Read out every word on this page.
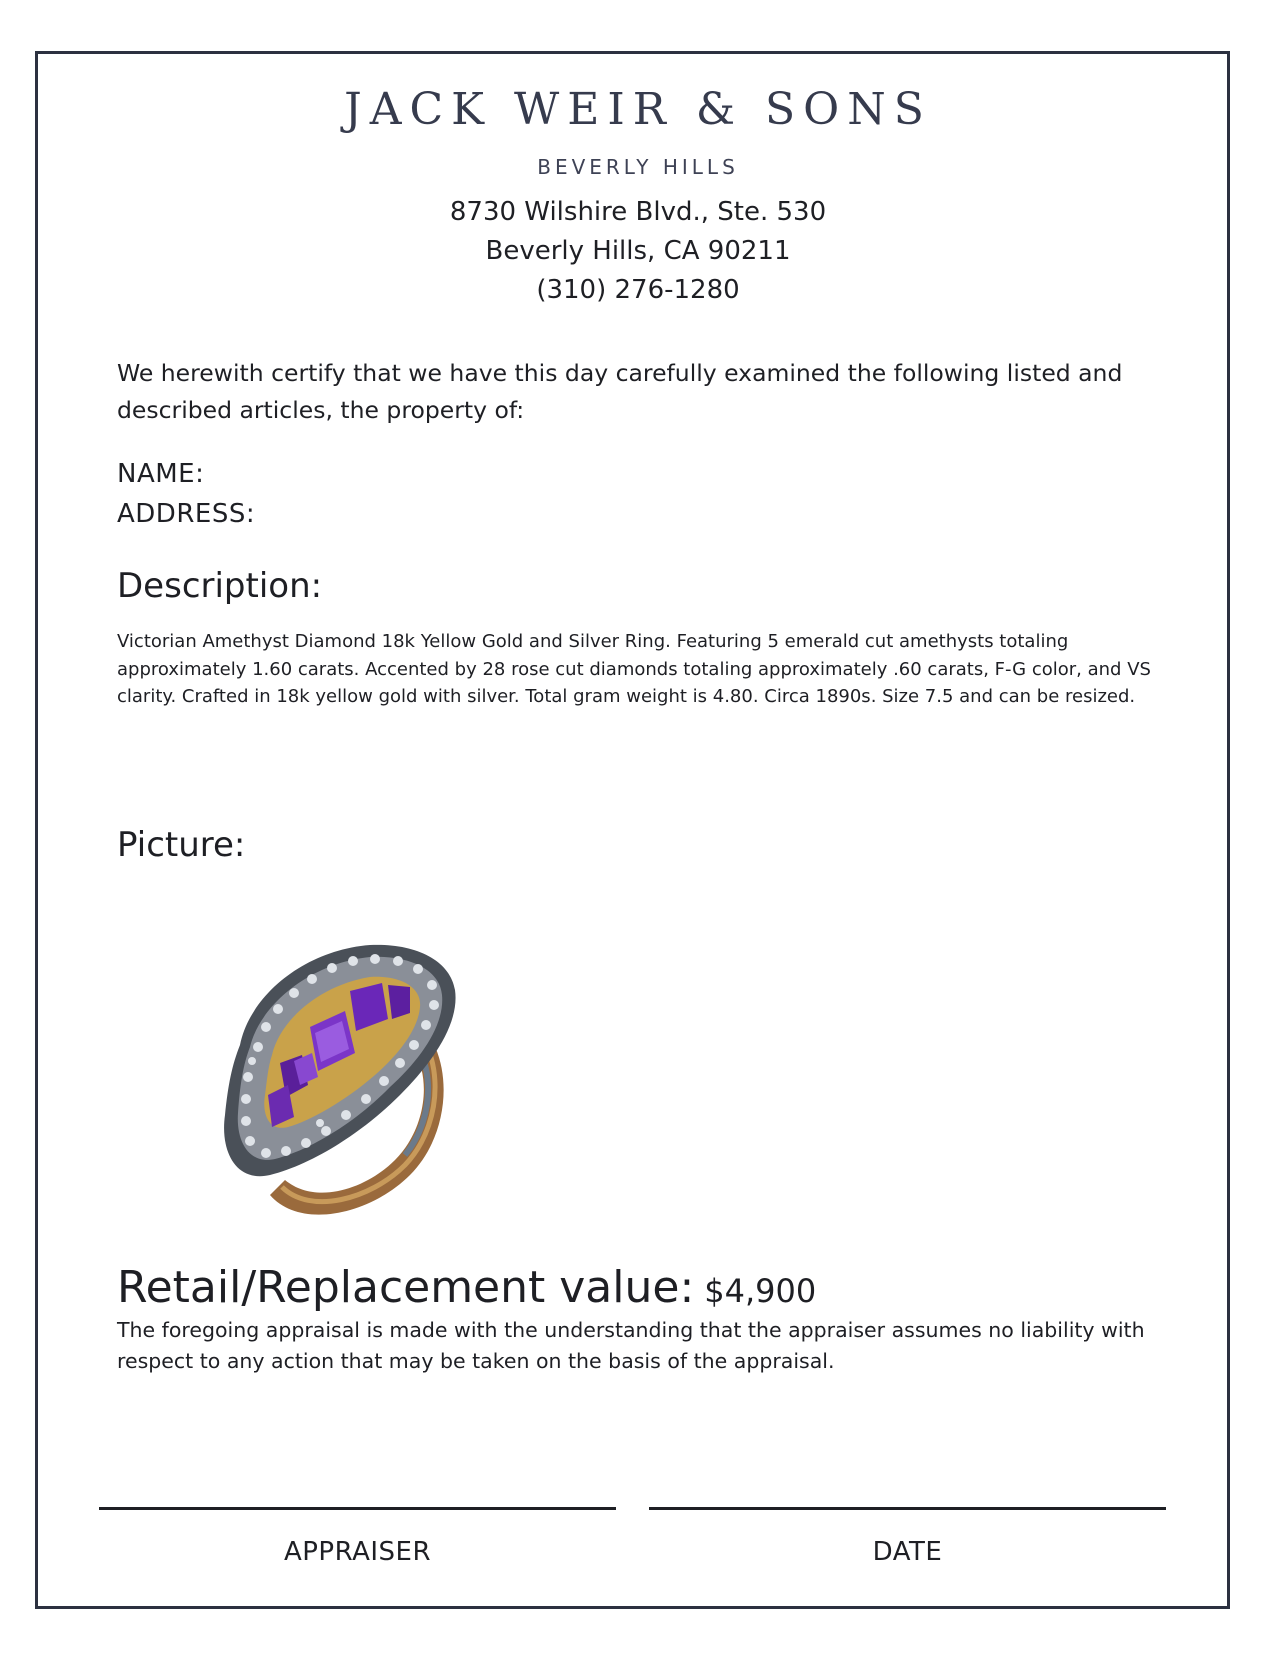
JACK WEIR & SONS
BEVERLY HILLS
8730 Wilshire Blvd., Ste. 530
Beverly Hills, CA 90211
(310) 276-1280
We herewith certify that we have this day carefully examined the following listed and described articles, the property of:
NAME:
ADDRESS:
Description:
Victorian Amethyst Diamond 18k Yellow Gold and Silver Ring. Featuring 5 emerald cut amethysts totaling approximately 1.60 carats. Accented by 28 rose cut diamonds totaling approximately .60 carats, F-G color, and VS clarity. Crafted in 18k yellow gold with silver. Total gram weight is 4.80. Circa 1890s. Size 7.5 and can be resized.
Picture:
Retail/Replacement value: $4,900
The foregoing appraisal is made with the understanding that the appraiser assumes no liability with respect to any action that may be taken on the basis of the appraisal.
APPRAISER	DATE
